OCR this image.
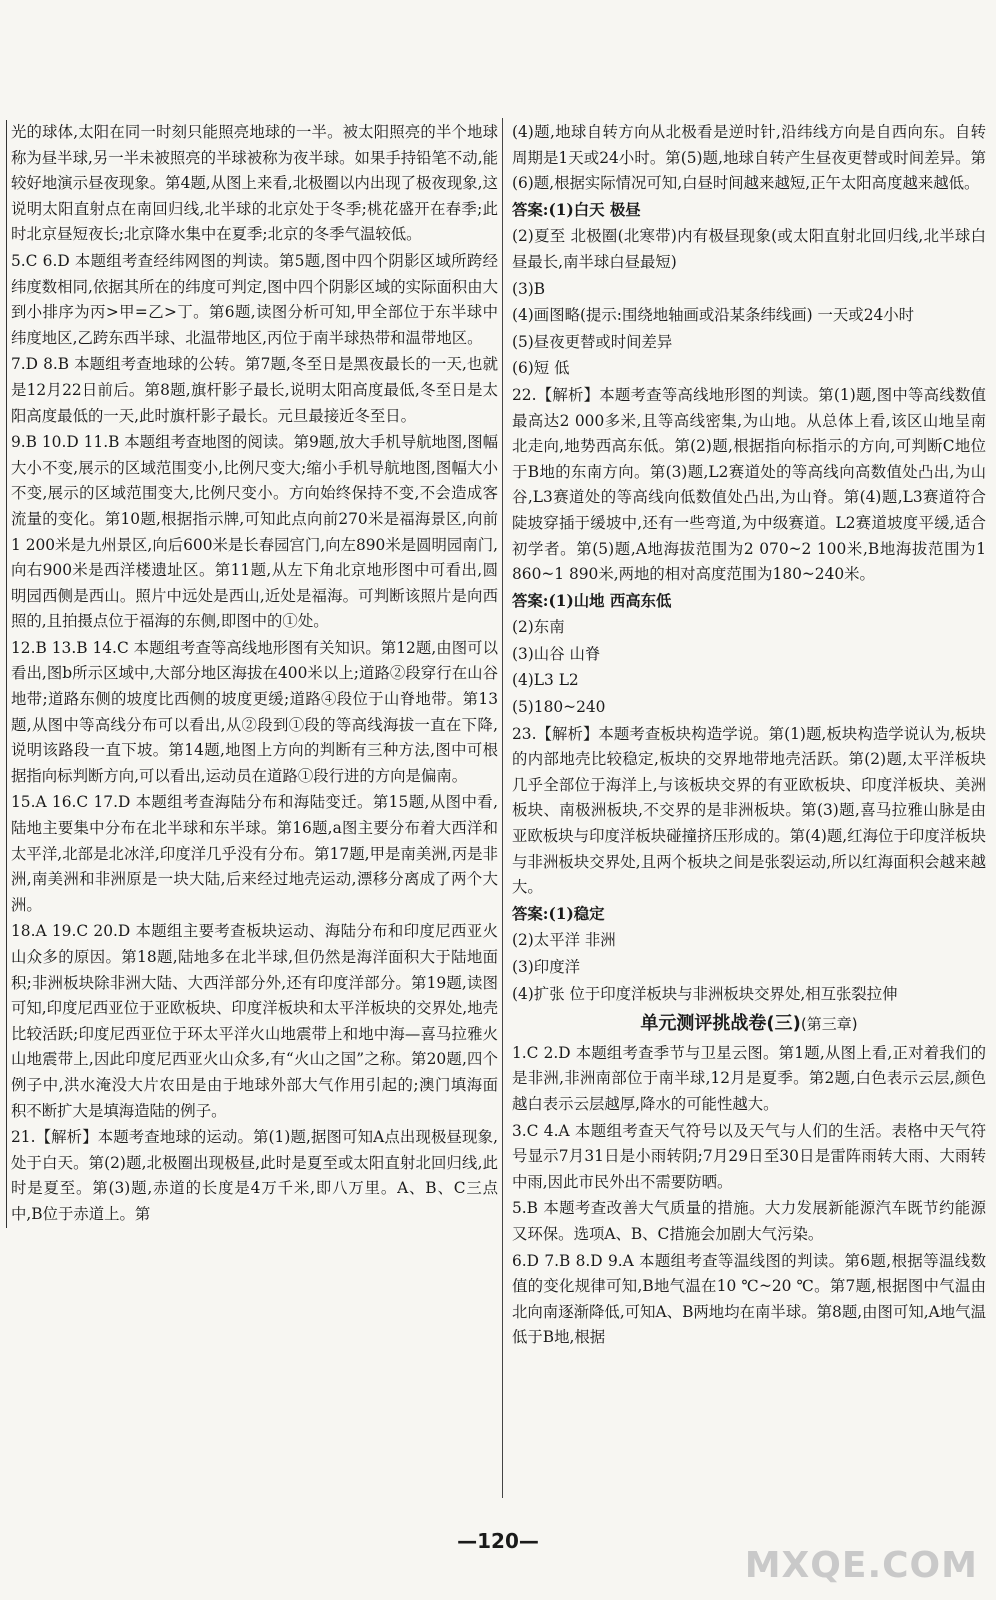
光的球体,太阳在同一时刻只能照亮地球的一半。被太阳照亮的半个地球称为昼半球,另一半未被照亮的半球被称为夜半球。如果手持铅笔不动,能较好地演示昼夜现象。第4题,从图上来看,北极圈以内出现了极夜现象,这说明太阳直射点在南回归线,北半球的北京处于冬季;桃花盛开在春季;此时北京昼短夜长;北京降水集中在夏季;北京的冬季气温较低。

5.C 6.D 本题组考查经纬网图的判读。第5题,图中四个阴影区域所跨经纬度数相同,依据其所在的纬度可判定,图中四个阴影区域的实际面积由大到小排序为丙>甲=乙>丁。第6题,读图分析可知,甲全部位于东半球中纬度地区,乙跨东西半球、北温带地区,丙位于南半球热带和温带地区。

7.D 8.B 本题组考查地球的公转。第7题,冬至日是黑夜最长的一天,也就是12月22日前后。第8题,旗杆影子最长,说明太阳高度最低,冬至日是太阳高度最低的一天,此时旗杆影子最长。元旦最接近冬至日。

9.B 10.D 11.B 本题组考查地图的阅读。第9题,放大手机导航地图,图幅大小不变,展示的区域范围变小,比例尺变大;缩小手机导航地图,图幅大小不变,展示的区域范围变大,比例尺变小。方向始终保持不变,不会造成客流量的变化。第10题,根据指示牌,可知此点向前270米是福海景区,向前1 200米是九州景区,向后600米是长春园宫门,向左890米是圆明园南门,向右900米是西洋楼遗址区。第11题,从左下角北京地形图中可看出,圆明园西侧是西山。照片中远处是西山,近处是福海。可判断该照片是向西照的,且拍摄点位于福海的东侧,即图中的①处。

12.B 13.B 14.C 本题组考查等高线地形图有关知识。第12题,由图可以看出,图b所示区域中,大部分地区海拔在400米以上;道路②段穿行在山谷地带;道路东侧的坡度比西侧的坡度更缓;道路④段位于山脊地带。第13题,从图中等高线分布可以看出,从②段到①段的等高线海拔一直在下降,说明该路段一直下坡。第14题,地图上方向的判断有三种方法,图中可根据指向标判断方向,可以看出,运动员在道路①段行进的方向是偏南。

15.A 16.C 17.D 本题组考查海陆分布和海陆变迁。第15题,从图中看,陆地主要集中分布在北半球和东半球。第16题,a图主要分布着大西洋和太平洋,北部是北冰洋,印度洋几乎没有分布。第17题,甲是南美洲,丙是非洲,南美洲和非洲原是一块大陆,后来经过地壳运动,漂移分离成了两个大洲。

18.A 19.C 20.D 本题组主要考查板块运动、海陆分布和印度尼西亚火山众多的原因。第18题,陆地多在北半球,但仍然是海洋面积大于陆地面积;非洲板块除非洲大陆、大西洋部分外,还有印度洋部分。第19题,读图可知,印度尼西亚位于亚欧板块、印度洋板块和太平洋板块的交界处,地壳比较活跃;印度尼西亚位于环太平洋火山地震带上和地中海—喜马拉雅火山地震带上,因此印度尼西亚火山众多,有“火山之国”之称。第20题,四个例子中,洪水淹没大片农田是由于地球外部大气作用引起的;澳门填海面积不断扩大是填海造陆的例子。

21.【解析】本题考查地球的运动。第(1)题,据图可知A点出现极昼现象,处于白天。第(2)题,北极圈出现极昼,此时是夏至或太阳直射北回归线,此时是夏至。第(3)题,赤道的长度是4万千米,即八万里。A、B、C三点中,B位于赤道上。第

(4)题,地球自转方向从北极看是逆时针,沿纬线方向是自西向东。自转周期是1天或24小时。第(5)题,地球自转产生昼夜更替或时间差异。第(6)题,根据实际情况可知,白昼时间越来越短,正午太阳高度越来越低。

答案:(1)白天 极昼

(2)夏至 北极圈(北寒带)内有极昼现象(或太阳直射北回归线,北半球白昼最长,南半球白昼最短)

(3)B

(4)画图略(提示:围绕地轴画或沿某条纬线画) 一天或24小时

(5)昼夜更替或时间差异

(6)短 低

22.【解析】本题考查等高线地形图的判读。第(1)题,图中等高线数值最高达2 000多米,且等高线密集,为山地。从总体上看,该区山地呈南北走向,地势西高东低。第(2)题,根据指向标指示的方向,可判断C地位于B地的东南方向。第(3)题,L2赛道处的等高线向高数值处凸出,为山谷,L3赛道处的等高线向低数值处凸出,为山脊。第(4)题,L3赛道符合陡坡穿插于缓坡中,还有一些弯道,为中级赛道。L2赛道坡度平缓,适合初学者。第(5)题,A地海拔范围为2 070~2 100米,B地海拔范围为1 860~1 890米,两地的相对高度范围为180~240米。

答案:(1)山地 西高东低

(2)东南

(3)山谷 山脊

(4)L3 L2

(5)180~240

23.【解析】本题考查板块构造学说。第(1)题,板块构造学说认为,板块的内部地壳比较稳定,板块的交界地带地壳活跃。第(2)题,太平洋板块几乎全部位于海洋上,与该板块交界的有亚欧板块、印度洋板块、美洲板块、南极洲板块,不交界的是非洲板块。第(3)题,喜马拉雅山脉是由亚欧板块与印度洋板块碰撞挤压形成的。第(4)题,红海位于印度洋板块与非洲板块交界处,且两个板块之间是张裂运动,所以红海面积会越来越大。

答案:(1)稳定

(2)太平洋 非洲

(3)印度洋

(4)扩张 位于印度洋板块与非洲板块交界处,相互张裂拉伸

单元测评挑战卷(三)(第三章)

1.C 2.D 本题组考查季节与卫星云图。第1题,从图上看,正对着我们的是非洲,非洲南部位于南半球,12月是夏季。第2题,白色表示云层,颜色越白表示云层越厚,降水的可能性越大。

3.C 4.A 本题组考查天气符号以及天气与人们的生活。表格中天气符号显示7月31日是小雨转阴;7月29日至30日是雷阵雨转大雨、大雨转中雨,因此市民外出不需要防晒。

5.B 本题考查改善大气质量的措施。大力发展新能源汽车既节约能源又环保。选项A、B、C措施会加剧大气污染。

6.D 7.B 8.D 9.A 本题组考查等温线图的判读。第6题,根据等温线数值的变化规律可知,B地气温在10 ℃~20 ℃。第7题,根据图中气温由北向南逐渐降低,可知A、B两地均在南半球。第8题,由图可知,A地气温低于B地,根据

—120—
MXQE.COM
